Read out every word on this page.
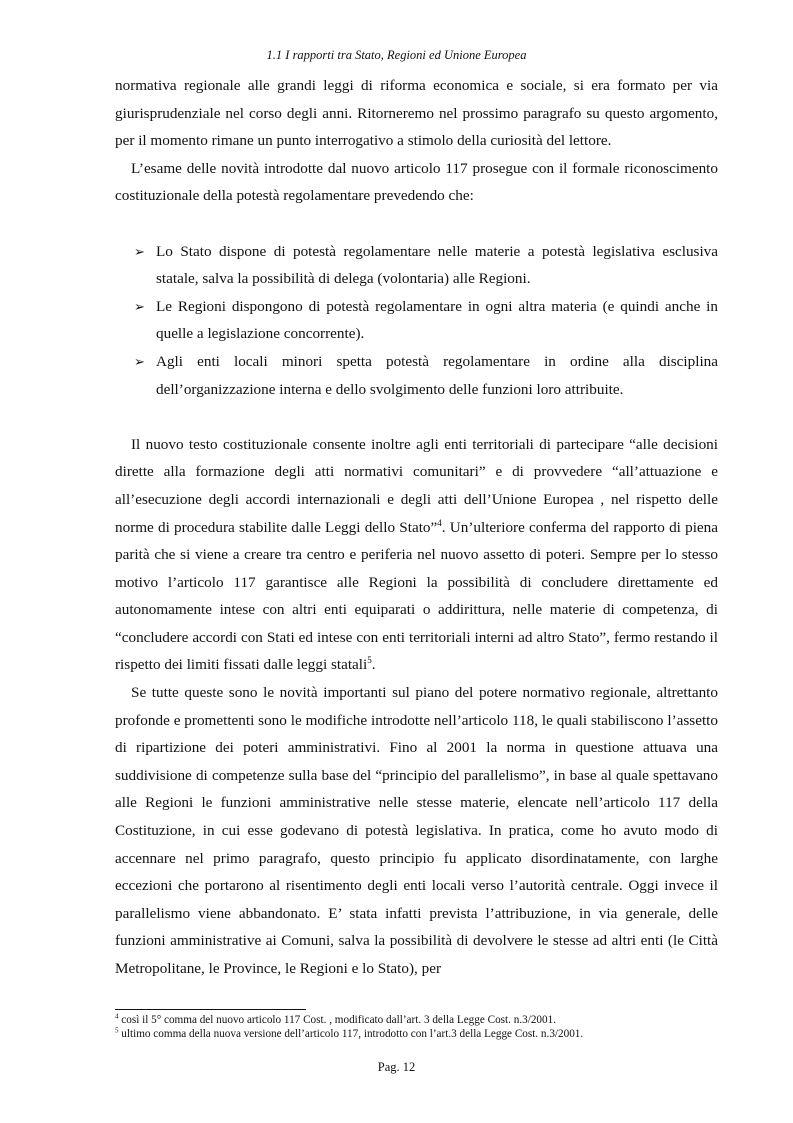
1.1 I rapporti tra Stato, Regioni ed Unione Europea

normativa regionale alle grandi leggi di riforma economica e sociale, si era formato per via giurisprudenziale nel corso degli anni. Ritorneremo nel prossimo paragrafo su questo argomento, per il momento rimane un punto interrogativo a stimolo della curiosità del lettore.

L’esame delle novità introdotte dal nuovo articolo 117 prosegue con il formale riconoscimento costituzionale della potestà regolamentare prevedendo che:

➢ Lo Stato dispone di potestà regolamentare nelle materie a potestà legislativa esclusiva statale, salva la possibilità di delega (volontaria) alle Regioni.
➢ Le Regioni dispongono di potestà regolamentare in ogni altra materia (e quindi anche in quelle a legislazione concorrente).
➢ Agli enti locali minori spetta potestà regolamentare in ordine alla disciplina dell’organizzazione interna e dello svolgimento delle funzioni loro attribuite.

Il nuovo testo costituzionale consente inoltre agli enti territoriali di partecipare “alle decisioni dirette alla formazione degli atti normativi comunitari” e di provvedere “all’attuazione e all’esecuzione degli accordi internazionali e degli atti dell’Unione Europea , nel rispetto delle norme di procedura stabilite dalle Leggi dello Stato”$^4$. Un’ulteriore conferma del rapporto di piena parità che si viene a creare tra centro e periferia nel nuovo assetto di poteri. Sempre per lo stesso motivo l’articolo 117 garantisce alle Regioni la possibilità di concludere direttamente ed autonomamente intese con altri enti equiparati o addirittura, nelle materie di competenza, di “concludere accordi con Stati ed intese con enti territoriali interni ad altro Stato”, fermo restando il rispetto dei limiti fissati dalle leggi statali$^5$.

Se tutte queste sono le novità importanti sul piano del potere normativo regionale, altrettanto profonde e promettenti sono le modifiche introdotte nell’articolo 118, le quali stabiliscono l’assetto di ripartizione dei poteri amministrativi. Fino al 2001 la norma in questione attuava una suddivisione di competenze sulla base del “principio del parallelismo”, in base al quale spettavano alle Regioni le funzioni amministrative nelle stesse materie, elencate nell’articolo 117 della Costituzione, in cui esse godevano di potestà legislativa. In pratica, come ho avuto modo di accennare nel primo paragrafo, questo principio fu applicato disordinatamente, con larghe eccezioni che portarono al risentimento degli enti locali verso l’autorità centrale. Oggi invece il parallelismo viene abbandonato. E’ stata infatti prevista l’attribuzione, in via generale, delle funzioni amministrative ai Comuni, salva la possibilità di devolvere le stesse ad altri enti (le Città Metropolitane, le Province, le Regioni e lo Stato), per

$^4$ così il 5° comma del nuovo articolo 117 Cost. , modificato dall’art. 3 della Legge Cost. n.3/2001.
$^5$ ultimo comma della nuova versione dell’articolo 117, introdotto con l’art.3 della Legge Cost. n.3/2001.
Pag. 12
